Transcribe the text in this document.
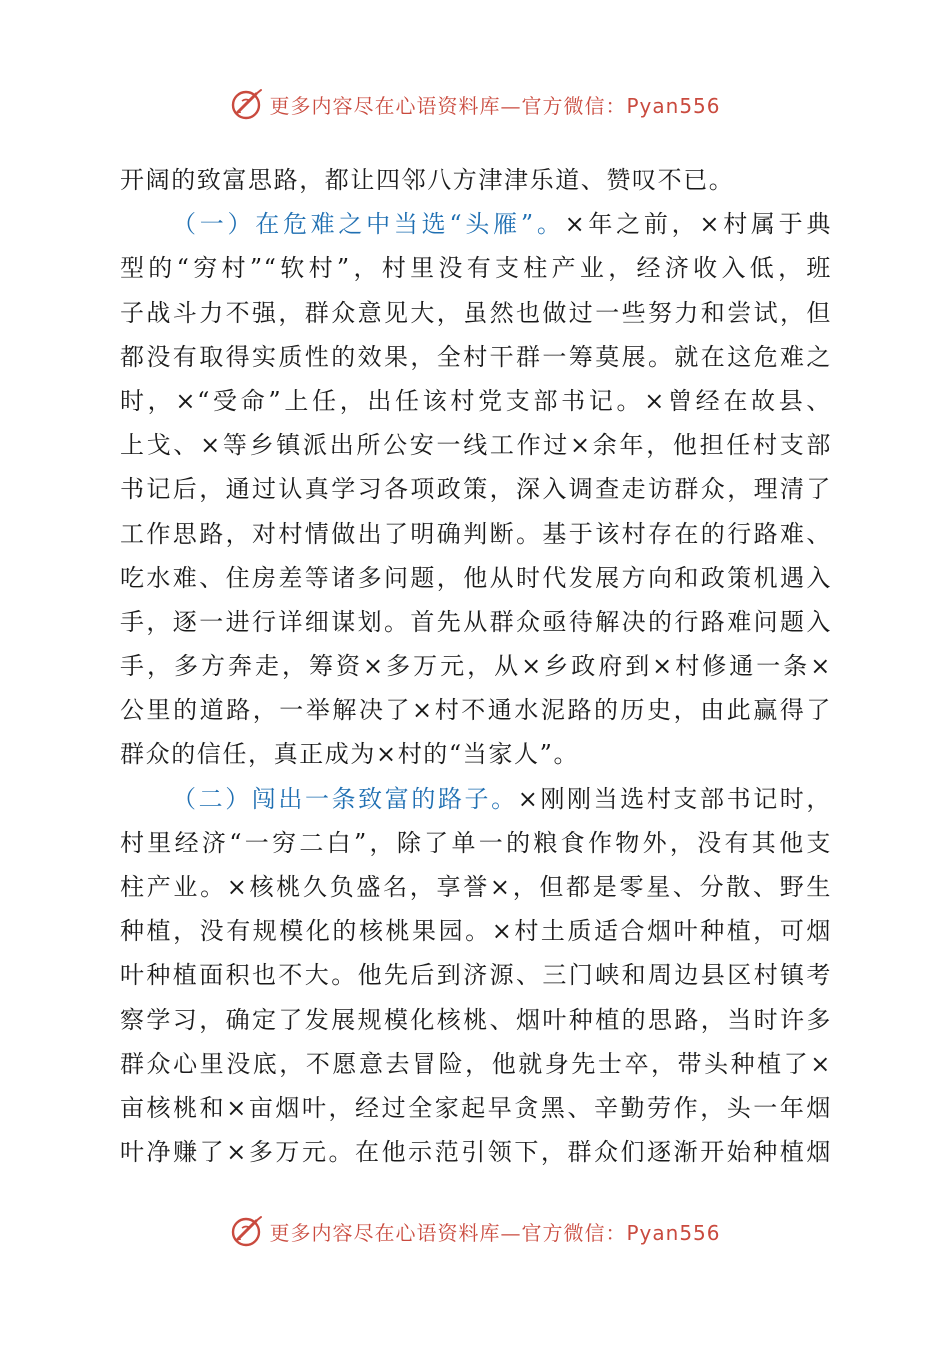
更多内容尽在心语资料库—官方微信：Pyan556
开阔的致富思路，都让四邻八方津津乐道、赞叹不已。
（一）在危难之中当选“头雁”。×年之前，×村属于典
型的“穷村”“软村”，村里没有支柱产业，经济收入低，班
子战斗力不强，群众意见大，虽然也做过一些努力和尝试，但
都没有取得实质性的效果，全村干群一筹莫展。就在这危难之
时，×“受命”上任，出任该村党支部书记。×曾经在故县、
上戈、×等乡镇派出所公安一线工作过×余年，他担任村支部
书记后，通过认真学习各项政策，深入调查走访群众，理清了
工作思路，对村情做出了明确判断。基于该村存在的行路难、
吃水难、住房差等诸多问题，他从时代发展方向和政策机遇入
手，逐一进行详细谋划。首先从群众亟待解决的行路难问题入
手，多方奔走，筹资×多万元，从×乡政府到×村修通一条×
公里的道路，一举解决了×村不通水泥路的历史，由此赢得了
群众的信任，真正成为×村的“当家人”。
（二）闯出一条致富的路子。×刚刚当选村支部书记时，
村里经济“一穷二白”，除了单一的粮食作物外，没有其他支
柱产业。×核桃久负盛名，享誉×，但都是零星、分散、野生
种植，没有规模化的核桃果园。×村土质适合烟叶种植，可烟
叶种植面积也不大。他先后到济源、三门峡和周边县区村镇考
察学习，确定了发展规模化核桃、烟叶种植的思路，当时许多
群众心里没底，不愿意去冒险，他就身先士卒，带头种植了×
亩核桃和×亩烟叶，经过全家起早贪黑、辛勤劳作，头一年烟
叶净赚了×多万元。在他示范引领下，群众们逐渐开始种植烟
更多内容尽在心语资料库—官方微信：Pyan556
